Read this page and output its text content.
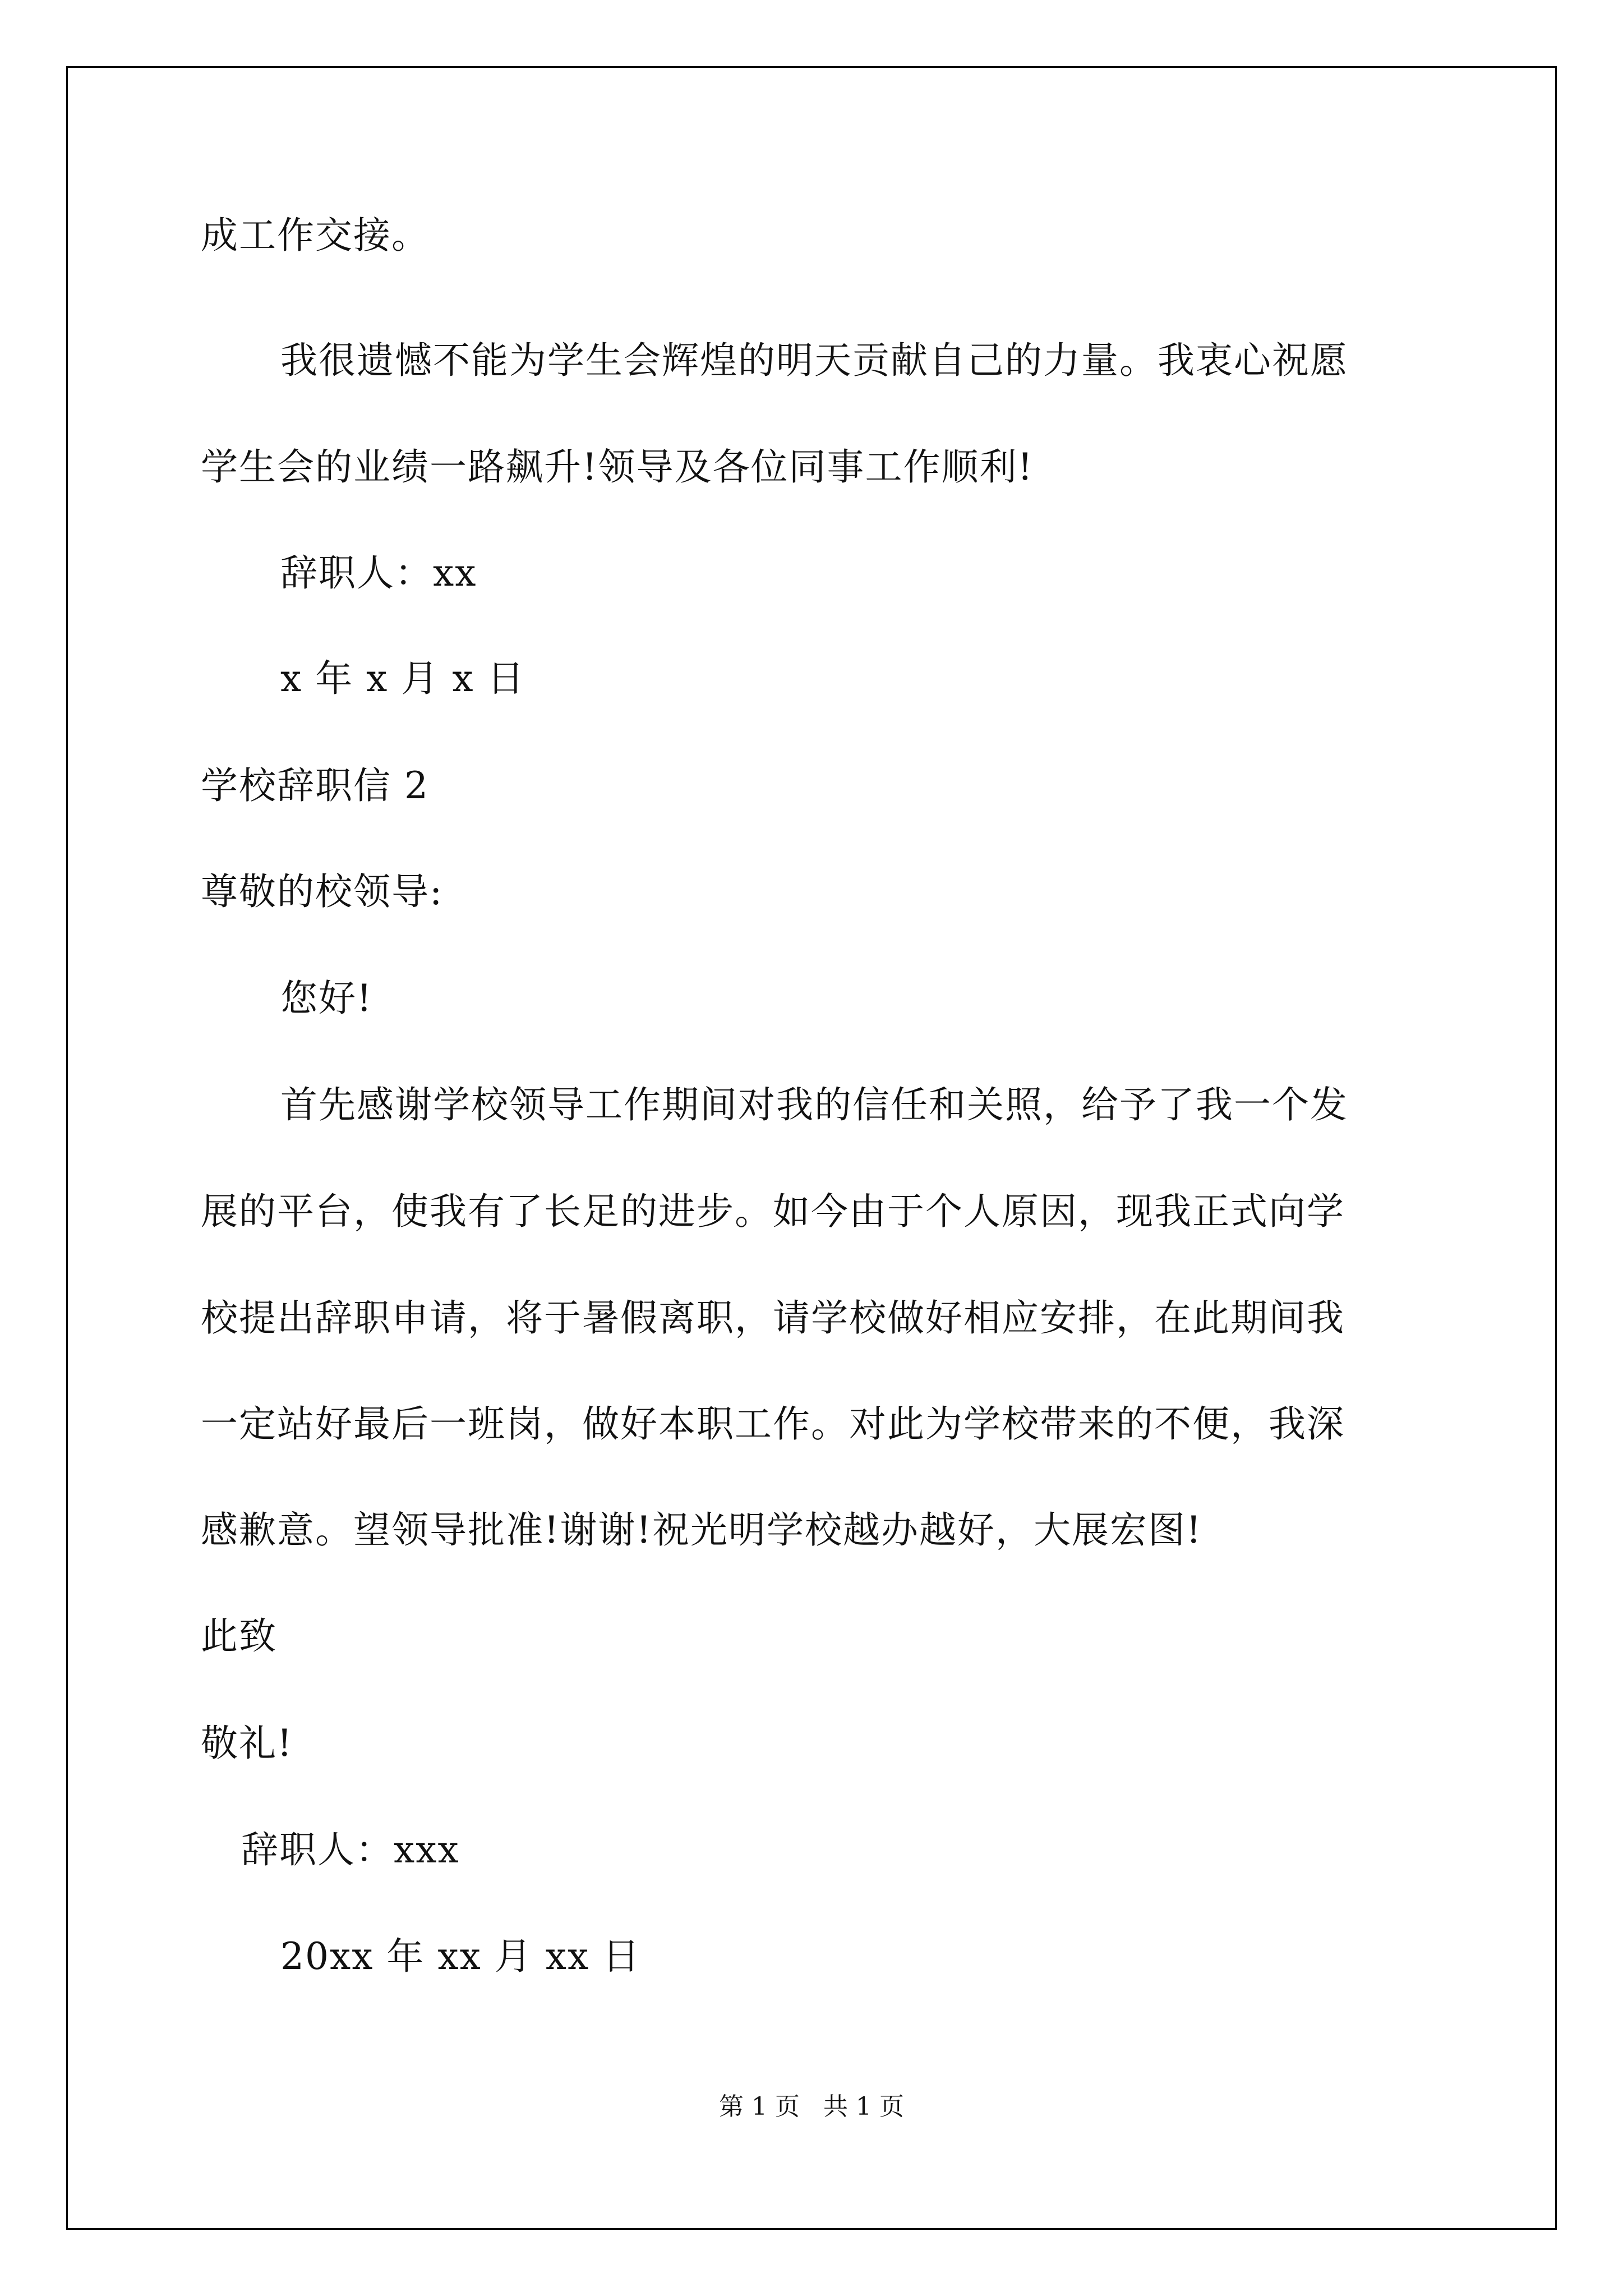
成工作交接。
我很遗憾不能为学生会辉煌的明天贡献自己的力量。我衷心祝愿
学生会的业绩一路飙升!领导及各位同事工作顺利!
辞职人：xx
x 年 x 月 x 日
学校辞职信 2
尊敬的校领导:
您好!
首先感谢学校领导工作期间对我的信任和关照，给予了我一个发
展的平台，使我有了长足的进步。如今由于个人原因，现我正式向学
校提出辞职申请，将于暑假离职，请学校做好相应安排，在此期间我
一定站好最后一班岗，做好本职工作。对此为学校带来的不便，我深
感歉意。望领导批准!谢谢!祝光明学校越办越好，大展宏图!
此致
敬礼!
辞职人：xxx
20xx 年 xx 月 xx 日
第 1 页   共 1 页
